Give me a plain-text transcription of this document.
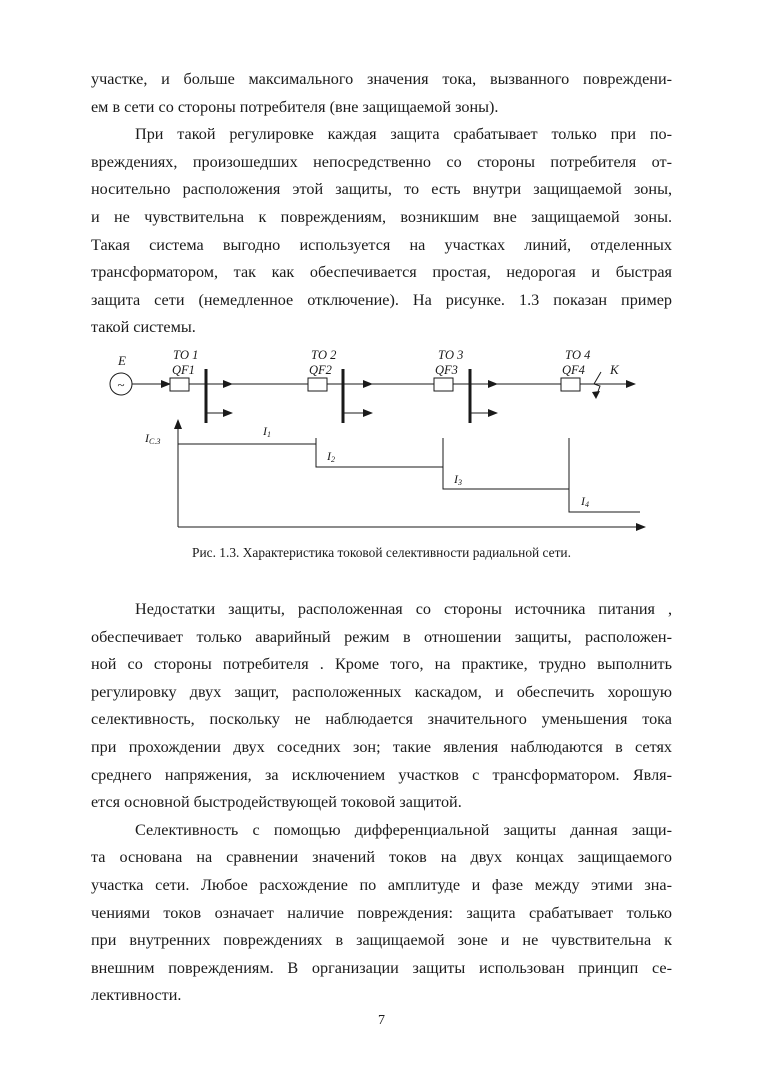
участке, и больше максимального значения тока, вызванного повреждени-
ем в сети со стороны потребителя (вне защищаемой зоны).

При такой регулировке каждая защита срабатывает только при по-
вреждениях, произошедших непосредственно со стороны потребителя от-
носительно расположения этой защиты, то есть внутри защищаемой зоны,
и не чувствительна к повреждениям, возникшим вне защищаемой зоны.
Такая система выгодно используется на участках линий, отделенных
трансформатором, так как обеспечивается простая, недорогая и быстрая
защита сети (немедленное отключение). На рисунке. 1.3 показан пример
такой системы.

~
E
K
ТО 1
QF1
ТО 2
QF2
ТО 3
QF3
ТО 4
QF4
IС.З
I1
I2
I3
I4
Рис. 1.3. Характеристика токовой селективности радиальной сети.

Недостатки защиты, расположенная со стороны источника питания ,
обеспечивает только аварийный режим в отношении защиты, расположен-
ной со стороны потребителя . Кроме того, на практике, трудно выполнить
регулировку двух защит, расположенных каскадом, и обеспечить хорошую
селективность, поскольку не наблюдается значительного уменьшения тока
при прохождении двух соседних зон; такие явления наблюдаются в сетях
среднего напряжения, за исключением участков с трансформатором. Явля-
ется основной быстродействующей токовой защитой.

Селективность с помощью дифференциальной защиты данная защи-
та основана на сравнении значений токов на двух концах защищаемого
участка сети. Любое расхождение по амплитуде и фазе между этими зна-
чениями токов означает наличие повреждения: защита срабатывает только
при внутренних повреждениях в защищаемой зоне и не чувствительна к
внешним повреждениям. В организации защиты использован принцип се-
лективности.

7
